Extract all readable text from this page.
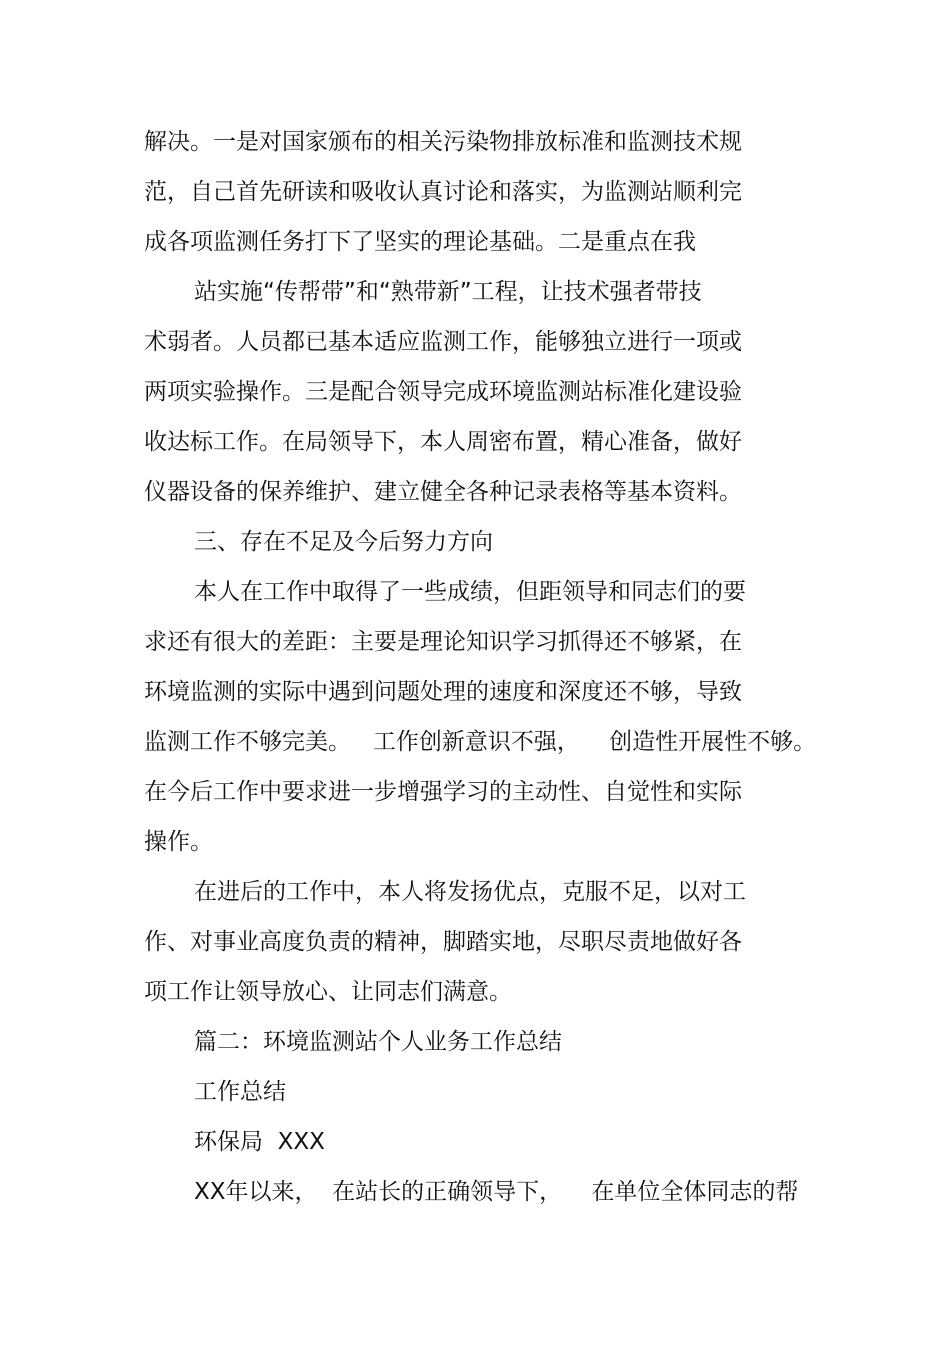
解决。一是对国家颁布的相关污染物排放标准和监测技术规
范，自己首先研读和吸收认真讨论和落实，为监测站顺利完
成各项监测任务打下了坚实的理论基础。二是重点在我
站实施“传帮带”和“熟带新”工程，让技术强者带技
术弱者。人员都已基本适应监测工作，能够独立进行一项或
两项实验操作。三是配合领导完成环境监测站标准化建设验
收达标工作。在局领导下，本人周密布置，精心准备，做好
仪器设备的保养维护、建立健全各种记录表格等基本资料。
三、存在不足及今后努力方向
本人在工作中取得了一些成绩，但距领导和同志们的要
求还有很大的差距：主要是理论知识学习抓得还不够紧，在
环境监测的实际中遇到问题处理的速度和深度还不够，导致
监测工作不够完美。   工作创新意识不强，    创造性开展性不够。
在今后工作中要求进一步增强学习的主动性、自觉性和实际
操作。
在进后的工作中，本人将发扬优点，克服不足，以对工
作、对事业高度负责的精神，脚踏实地，尽职尽责地做好各
项工作让领导放心、让同志们满意。
篇二：环境监测站个人业务工作总结
工作总结
环保局  XXX
XX年以来，  在站长的正确领导下，    在单位全体同志的帮
